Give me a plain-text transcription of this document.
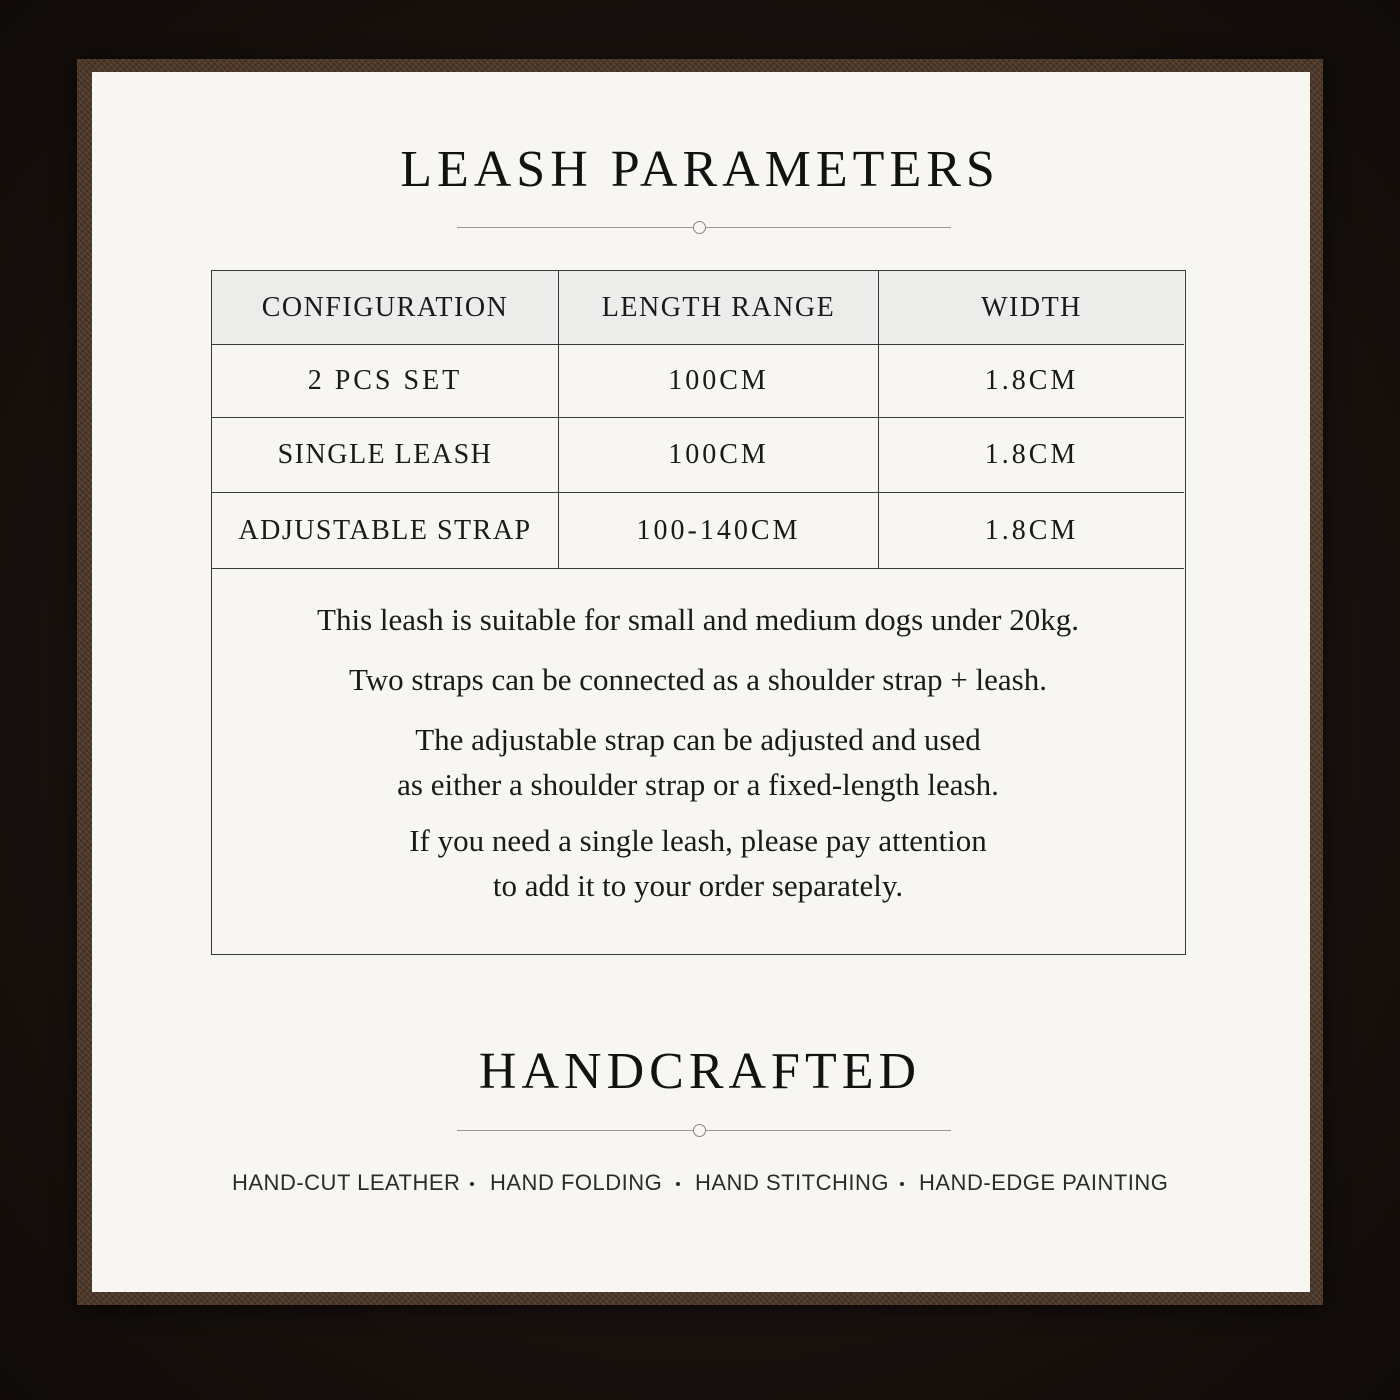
LEASH PARAMETERS
CONFIGURATION	LENGTH RANGE	WIDTH
2 PCS SET	100CM	1.8CM
SINGLE LEASH	100CM	1.8CM
ADJUSTABLE STRAP	100-140CM	1.8CM
This leash is suitable for small and medium dogs under 20kg.
Two straps can be connected as a shoulder strap + leash.
The adjustable strap can be adjusted and used
as either a shoulder strap or a fixed-length leash.
If you need a single leash, please pay attention
to add it to your order separately.
HANDCRAFTED
HAND-CUT LEATHER HAND FOLDING HAND STITCHING HAND-EDGE PAINTING
